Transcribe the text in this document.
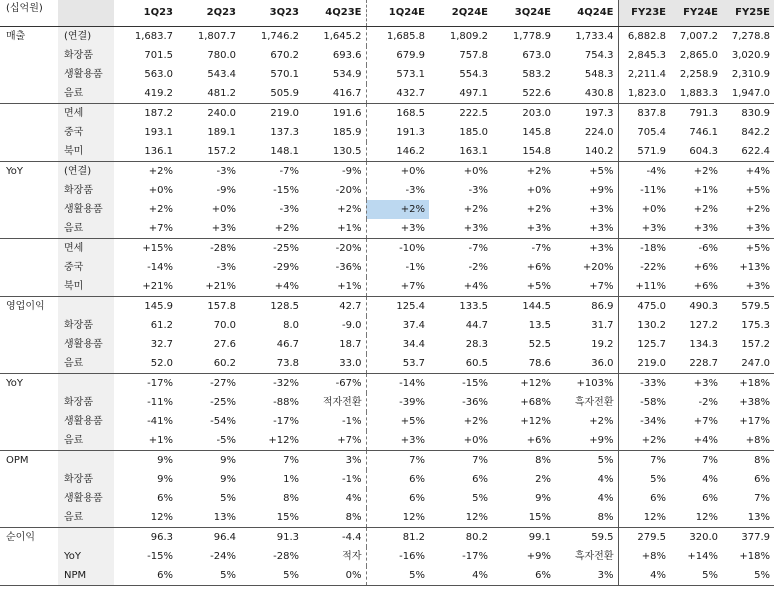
(십억원)		1Q23	2Q23	3Q23	4Q23E	1Q24E	2Q24E	3Q24E	4Q24E	FY23E	FY24E	FY25E
매출	(연결)	1,683.7	1,807.7	1,746.2	1,645.2	1,685.8	1,809.2	1,778.9	1,733.4	6,882.8	7,007.2	7,278.8
	화장품	701.5	780.0	670.2	693.6	679.9	757.8	673.0	754.3	2,845.3	2,865.0	3,020.9
	생활용품	563.0	543.4	570.1	534.9	573.1	554.3	583.2	548.3	2,211.4	2,258.9	2,310.9
	음료	419.2	481.2	505.9	416.7	432.7	497.1	522.6	430.8	1,823.0	1,883.3	1,947.0
	면세	187.2	240.0	219.0	191.6	168.5	222.5	203.0	197.3	837.8	791.3	830.9
	중국	193.1	189.1	137.3	185.9	191.3	185.0	145.8	224.0	705.4	746.1	842.2
	북미	136.1	157.2	148.1	130.5	146.2	163.1	154.8	140.2	571.9	604.3	622.4
YoY	(연결)	+2%	-3%	-7%	-9%	+0%	+0%	+2%	+5%	-4%	+2%	+4%
	화장품	+0%	-9%	-15%	-20%	-3%	-3%	+0%	+9%	-11%	+1%	+5%
	생활용품	+2%	+0%	-3%	+2%	+2%	+2%	+2%	+3%	+0%	+2%	+2%
	음료	+7%	+3%	+2%	+1%	+3%	+3%	+3%	+3%	+3%	+3%	+3%
	면세	+15%	-28%	-25%	-20%	-10%	-7%	-7%	+3%	-18%	-6%	+5%
	중국	-14%	-3%	-29%	-36%	-1%	-2%	+6%	+20%	-22%	+6%	+13%
	북미	+21%	+21%	+4%	+1%	+7%	+4%	+5%	+7%	+11%	+6%	+3%
영업이익		145.9	157.8	128.5	42.7	125.4	133.5	144.5	86.9	475.0	490.3	579.5
	화장품	61.2	70.0	8.0	-9.0	37.4	44.7	13.5	31.7	130.2	127.2	175.3
	생활용품	32.7	27.6	46.7	18.7	34.4	28.3	52.5	19.2	125.7	134.3	157.2
	음료	52.0	60.2	73.8	33.0	53.7	60.5	78.6	36.0	219.0	228.7	247.0
YoY		-17%	-27%	-32%	-67%	-14%	-15%	+12%	+103%	-33%	+3%	+18%
	화장품	-11%	-25%	-88%	적자전환	-39%	-36%	+68%	흑자전환	-58%	-2%	+38%
	생활용품	-41%	-54%	-17%	-1%	+5%	+2%	+12%	+2%	-34%	+7%	+17%
	음료	+1%	-5%	+12%	+7%	+3%	+0%	+6%	+9%	+2%	+4%	+8%
OPM		9%	9%	7%	3%	7%	7%	8%	5%	7%	7%	8%
	화장품	9%	9%	1%	-1%	6%	6%	2%	4%	5%	4%	6%
	생활용품	6%	5%	8%	4%	6%	5%	9%	4%	6%	6%	7%
	음료	12%	13%	15%	8%	12%	12%	15%	8%	12%	12%	13%
순이익		96.3	96.4	91.3	-4.4	81.2	80.2	99.1	59.5	279.5	320.0	377.9
	YoY	-15%	-24%	-28%	적자	-16%	-17%	+9%	흑자전환	+8%	+14%	+18%
	NPM	6%	5%	5%	0%	5%	4%	6%	3%	4%	5%	5%
